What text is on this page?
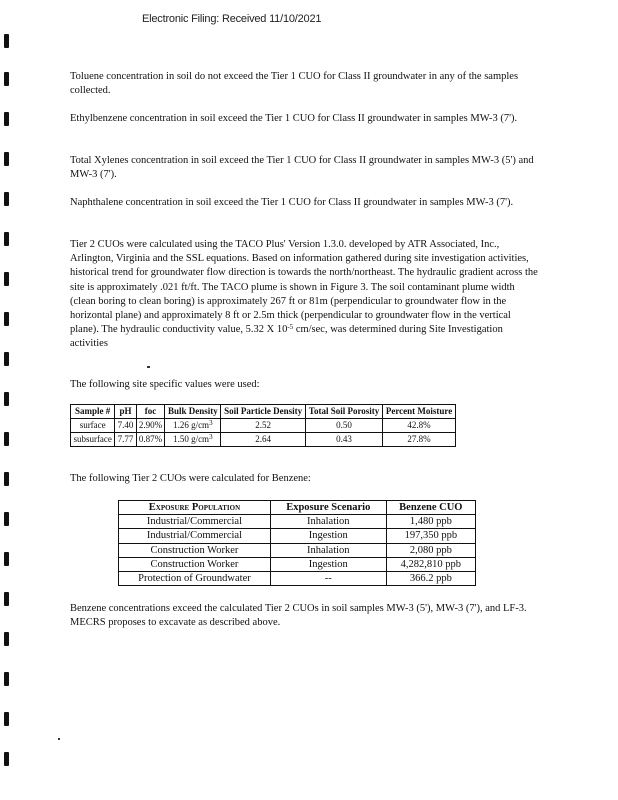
Electronic Filing: Received 11/10/2021

Toluene concentration in soil do not exceed the Tier 1 CUO for Class II groundwater in any of the samples collected.

Ethylbenzene concentration in soil exceed the Tier 1 CUO for Class II groundwater in samples MW-3 (7').

Total Xylenes concentration in soil exceed the Tier 1 CUO for Class II groundwater in samples MW-3 (5') and MW-3 (7').

Naphthalene concentration in soil exceed the Tier 1 CUO for Class II groundwater in samples MW-3 (7').

Tier 2 CUOs were calculated using the TACO Plus' Version 1.3.0. developed by ATR Associated, Inc., Arlington, Virginia and the SSL equations. Based on information gathered during site investigation activities, historical trend for groundwater flow direction is towards the north/northeast. The hydraulic gradient across the site is approximately .021 ft/ft. The TACO plume is shown in Figure 3. The soil contaminant plume width (clean boring to clean boring) is approximately 267 ft or 81m (perpendicular to groundwater flow in the horizontal plane) and approximately 8 ft or 2.5m thick (perpendicular to groundwater flow in the vertical plane). The hydraulic conductivity value, 5.32 X $10^{-5}$ cm/sec, was determined during Site Investigation activities

The following site specific values were used:

Sample #	pH	foc	Bulk Density	Soil Particle Density	Total Soil Porosity	Percent Moisture
surface	7.40	2.90%	1.26 $g/cm^3$	2.52	0.50	42.8%
subsurface	7.77	0.87%	1.50 $g/cm^3$	2.64	0.43	27.8%

The following Tier 2 CUOs were calculated for Benzene:

Exposure Population	Exposure Scenario	Benzene CUO
Industrial/Commercial	Inhalation	1,480 ppb
Industrial/Commercial	Ingestion	197,350 ppb
Construction Worker	Inhalation	2,080 ppb
Construction Worker	Ingestion	4,282,810 ppb
Protection of Groundwater	--	366.2 ppb

Benzene concentrations exceed the calculated Tier 2 CUOs in soil samples MW-3 (5'), MW-3 (7'), and LF-3. MECRS proposes to excavate as described above.
